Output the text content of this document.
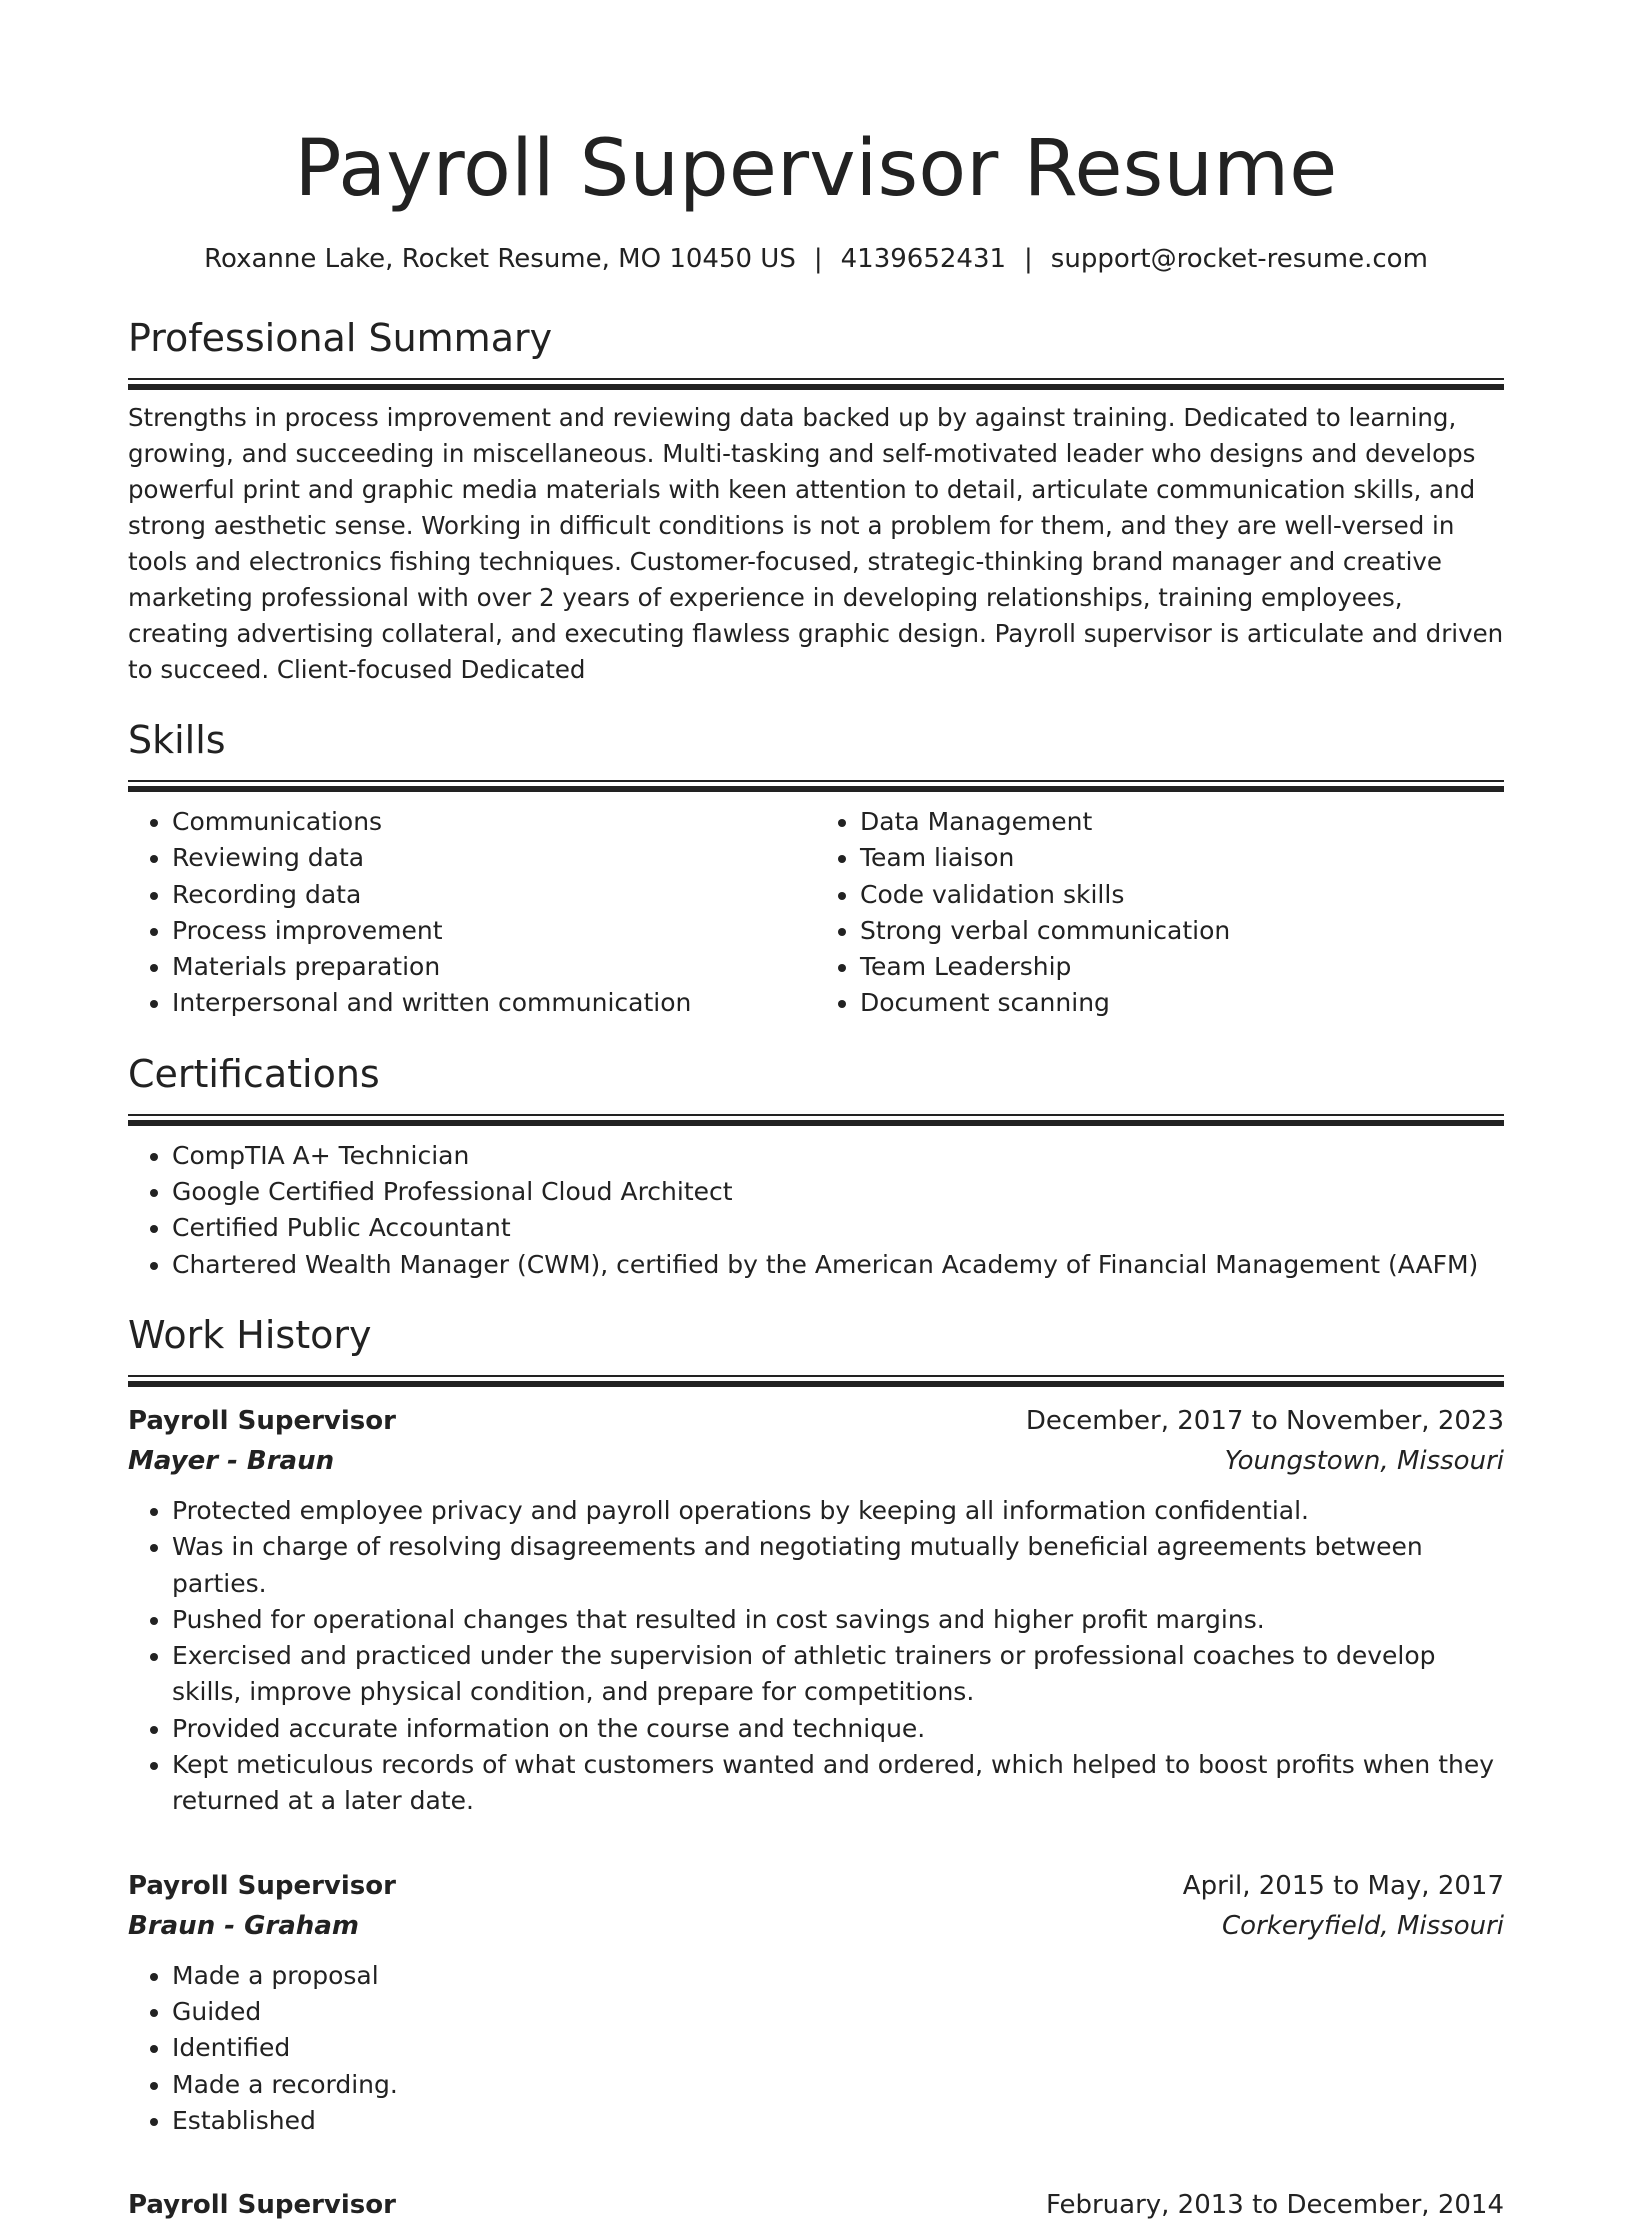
Payroll Supervisor Resume
Roxanne Lake, Rocket Resume, MO 10450 US | 4139652431 | support@rocket-resume.com
Professional Summary
Strengths in process improvement and reviewing data backed up by against training. Dedicated to learning, growing, and succeeding in miscellaneous. Multi-tasking and self-motivated leader who designs and develops powerful print and graphic media materials with keen attention to detail, articulate communication skills, and strong aesthetic sense. Working in difficult conditions is not a problem for them, and they are well-versed in tools and electronics fishing techniques. Customer-focused, strategic-thinking brand manager and creative marketing professional with over 2 years of experience in developing relationships, training employees, creating advertising collateral, and executing flawless graphic design. Payroll supervisor is articulate and driven to succeed. Client-focused Dedicated
Skills
• Communications
• Reviewing data
• Recording data
• Process improvement
• Materials preparation
• Interpersonal and written communication
• Data Management
• Team liaison
• Code validation skills
• Strong verbal communication
• Team Leadership
• Document scanning
Certifications
• CompTIA A+ Technician
• Google Certified Professional Cloud Architect
• Certified Public Accountant
• Chartered Wealth Manager (CWM), certified by the American Academy of Financial Management (AAFM)
Work History
Payroll Supervisor	December, 2017 to November, 2023
Mayer - Braun	Youngstown, Missouri
• Protected employee privacy and payroll operations by keeping all information confidential.
• Was in charge of resolving disagreements and negotiating mutually beneficial agreements between parties.
• Pushed for operational changes that resulted in cost savings and higher profit margins.
• Exercised and practiced under the supervision of athletic trainers or professional coaches to develop skills, improve physical condition, and prepare for competitions.
• Provided accurate information on the course and technique.
• Kept meticulous records of what customers wanted and ordered, which helped to boost profits when they returned at a later date.
Payroll Supervisor	April, 2015 to May, 2017
Braun - Graham	Corkeryfield, Missouri
• Made a proposal
• Guided
• Identified
• Made a recording.
• Established
Payroll Supervisor	February, 2013 to December, 2014
